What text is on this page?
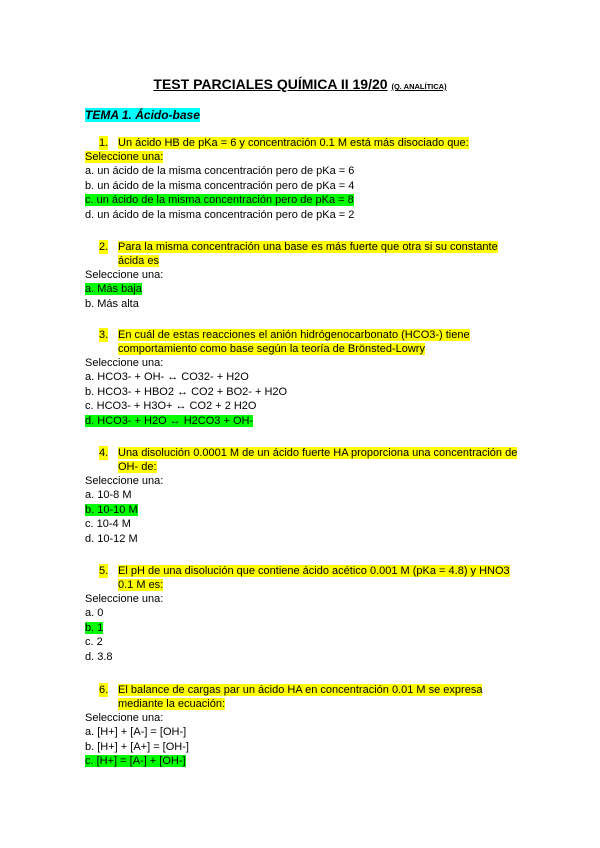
TEST PARCIALES QUÍMICA II 19/20 (Q. ANALÍTICA)
TEMA 1. Ácido-base
1. Un ácido HB de pKa = 6 y concentración 0.1 M está más disociado que:
Seleccione una:
a. un ácido de la misma concentración pero de pKa = 6
b. un ácido de la misma concentración pero de pKa = 4
c. un ácido de la misma concentración pero de pKa = 8
d. un ácido de la misma concentración pero de pKa = 2
2. Para la misma concentración una base es más fuerte que otra si su constante ácida es
Seleccione una:
a. Más baja
b. Más alta
3. En cuál de estas reacciones el anión hidrógenocarbonato (HCO3-) tiene comportamiento como base según la teoría de Brönsted-Lowry
Seleccione una:
a. HCO3- + OH- ↔ CO32- + H2O
b. HCO3- + HBO2 ↔ CO2 + BO2- + H2O
c. HCO3- + H3O+ ↔ CO2 + 2 H2O
d. HCO3- + H2O ↔ H2CO3 + OH-
4. Una disolución 0.0001 M de un ácido fuerte HA proporciona una concentración de OH- de:
Seleccione una:
a. 10-8 M
b. 10-10 M
c. 10-4 M
d. 10-12 M
5. El pH de una disolución que contiene ácido acético 0.001 M (pKa = 4.8) y HNO3 0.1 M es:
Seleccione una:
a. 0
b. 1
c. 2
d. 3.8
6. El balance de cargas par un ácido HA en concentración 0.01 M se expresa mediante la ecuación:
Seleccione una:
a. [H+] + [A-] = [OH-]
b. [H+] + [A+] = [OH-]
c. [H+] = [A-] + [OH-]
